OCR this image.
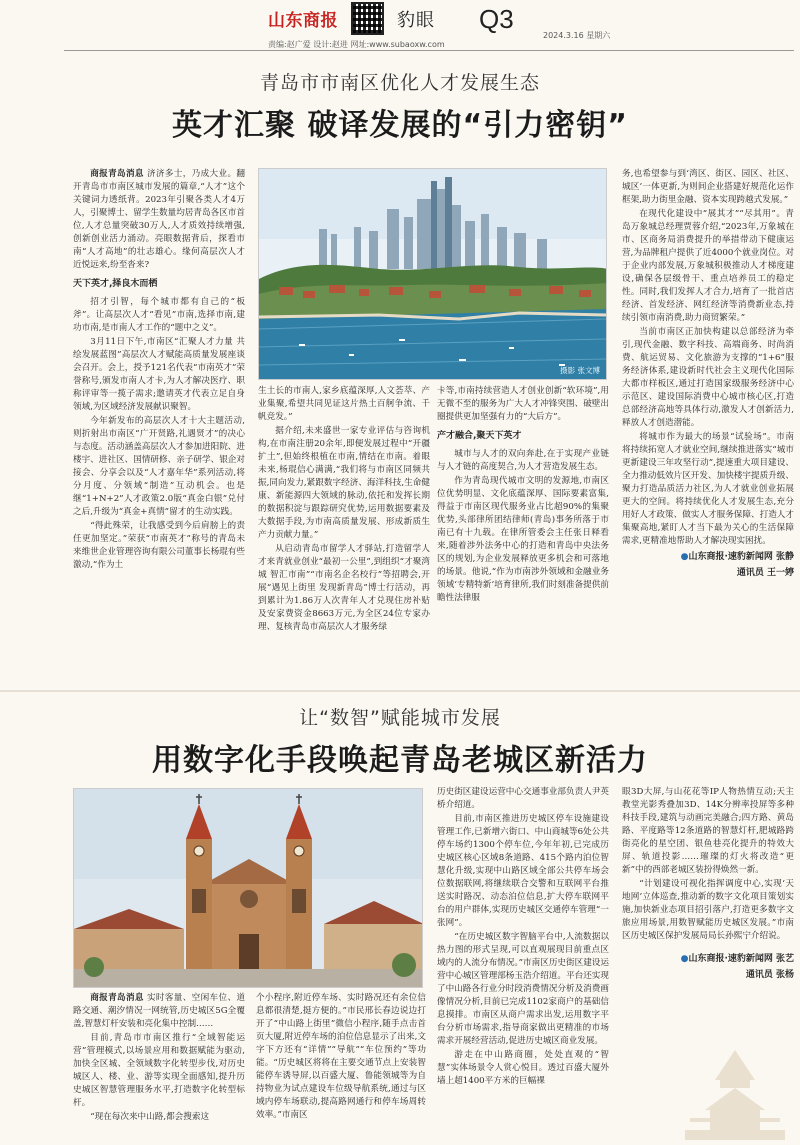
山东商报	豹眼 Q3
责编:赵广爱 设计:赵进 网址:www.subaoxw.com
2024.3.16 星期六
青岛市市南区优化人才发展生态
英才汇聚 破译发展的“引力密钥”

商报青岛消息 济济多士，乃成大业。翻开青岛市市南区城市发展的篇章,“人才”这个关键词力透纸背。2023年引聚各类人才4万人，引聚博士、留学生数量均居青岛各区市首位,人才总量突破30万人,人才质效持续增强,创新创业活力涌动。亮眼数据背后，探看市南“人才高地”的壮志雄心。缘何高层次人才近悦远来,纷至沓来?

天下英才,择良木而栖

招才引智，每个城市都有自己的“板斧”。让高层次人才“看见”市南,选择市南,建功市南,是市南人才工作的“题中之义”。

3月11日下午,市南区“汇聚人才力量 共绘发展蓝图”高层次人才赋能高质量发展座谈会召开。会上，授予121名代表“市南英才”荣誉称号,颁发市南人才卡,为人才解决医疗、职称评审等一揽子需求;邀请英才代表立足自身领域,为区域经济发展献识聚智。

今年新发布的高层次人才十大主题活动,则折射出市南区“广开贤路,礼遇贤才”的决心与态度。活动涵盖高层次人才参加进阳院、进楼宇、进社区、国情研修、亲子研学、银企对接会、分享会以及“人才嘉年华”系列活动,将分月度、分领域“制造”互动机会。也是继“1+N+2”人才政策2.0版“真金白银”兑付之后,升级为“真金+真情”留才的生动实践。

“得此殊荣，让我感受到今后肩膀上的责任更加坚定。”荣获“市南英才”称号的青岛未来维世企业管理咨询有限公司董事长杨琨有些激动,“作为土

摄影 张文博

生土长的市南人,家乡底蕴深厚,人文荟萃、产业集聚,希望共同见证这片热土百舸争流、千帆竞发。”

据介绍,未来盛世一家专业评估与咨询机构,在市南注册20余年,即便发展过程中“开疆扩土”,但始终根植在市南,情结在市南。着眼未来,杨琨信心满满,“我们将与市南区同频共振,同向发力,紧跟数字经济、海洋科技,生命健康、新能源四大领域的脉动,依托和发挥长期的数据积淀与跟踪研究优势,运用数据要素及大数据手段,为市南高质量发展、形成新质生产力贡献力量。”

从启动青岛市留学人才驿站,打造留学人才来青就业创业“最初一公里”,到组织“才聚湾城 智汇市南”“市南名企名校行”等招聘会,开展“遇见上街里 发现新青岛”博士行活动，再到累计为1.86万人次青年人才兑现住房补贴及安家费资金8663万元,为全区24位专家办理、复核青岛市高层次人才服务绿

卡等,市南持续营造人才创业创新“软环境”,用无微不至的服务为广大人才冲锋突围、破壁出圈提供更加坚强有力的“大后方”。

产才融合,聚天下英才

城市与人才的双向奔赴,在于实现产业链与人才链的高度契合,为人才营造发展生态。

作为青岛现代城市文明的发源地,市南区位优势明显、文化底蕴深厚、国际要素富集,得益于市南区现代服务业占比超90%的集聚优势,头部律所团结律师(青岛)事务所落于市南已有十九载。在律所管委会主任张日释看来,随着涉外法务中心的打造和青岛中央法务区的规划,为企业发展释放更多机会和可落地的场景。他说,“作为市南涉外领域和金融业务领域‘专精特新’培育律所,我们时刻准备提供前瞻性法律服

务,也希望参与到‘湾区、街区、园区、社区、城区’一体更新,为则间企业搭建好规范化运作框架,助力街里金融、资本实现跨越式发展。”

在现代化建设中“展其才”“尽其用”。青岛万象城总经理贾蓉介绍,“2023年,万象城在市、区商务局消费提升的举措带动下健康运营,为品牌租户提供了近4000个就业岗位。对于企业内部发展,万象城积极推动人才梯度建设,确保各层级骨干、重点培养员工的稳定性。同时,我们发挥人才合力,培育了一批首店经济、首发经济、网红经济等消费新业态,持续引领市南消费,助力商贸繁荣。”

当前市南区正加快构建以总部经济为牵引,现代金融、数字科技、高端商务、时尚消费、航运贸易、文化旅游为支撑的“1+6”服务经济体系,建设新时代社会主义现代化国际大都市样板区,通过打造国家级服务经济中心示范区、建设国际消费中心城市核心区,打造总部经济高地等具体行动,激发人才创新活力,释放人才创造潜能。

将城市作为最大的场景“试验场”。市南将持续拓宽人才就业空间,继续推进落实“城市更新建设三年攻坚行动”,提速重大项目建设、全力推动低效片区开发、加快楼宇提质升级、聚力打造品质活力社区,为人才就业创业拓展更大的空间。将持续优化人才发展生态,充分用好人才政策、做实人才服务保障、打造人才集聚高地,紧盯人才当下最为关心的生活保障需求,更精准地帮助人才解决现实困扰。

●山东商报·速豹新闻网 张静
通讯员 王一婷
让“数智”赋能城市发展
用数字化手段唤起青岛老城区新活力

商报青岛消息 实时客量、空闲车位、道路交通、潮汐情况一网统管,历史城区5G全覆盖,智慧灯杆安装和亮化集中控制……

目前,青岛市市南区推行“全域智能运营”管理模式,以场景应用和数据赋能为驱动,加快全区城、全领域数字化转型步伐,对历史城区人、楼、业、游等实现全面感知,提升历史城区智慧管理服务水平,打造数字化转型标杆。

“现在每次来中山路,都会搜索这

个小程序,附近停车场、实时路况还有余位信息都很清楚,挺方便的。”市民邢长春边说边打开了“中山路上街里”微信小程序,随手点击首页大厦,附近停车场的泊位信息显示了出来,文字下方还有“详情”“导航”“车位预约”等功能。“历史城区将将在主要交通节点上安装智能停车诱导屏,以百盛大厦、鲁能领城等为自持物业为试点建设车位级导航系统,通过与区域内停车场联动,提高路网通行和停车场周转效率。”市南区

历史街区建设运营中心交通事业部负责人尹英桥介绍道。

目前,市南区推进历史城区停车设施建设管理工作,已新增六街口、中山商城等6处公共停车场约1300个停车位,今年年初,已完成历史城区核心区域8条道路、415个路内泊位智慧化升级,实现中山路区域全部公共停车场会位数据联网,将继续联合交警和互联网平台推送实时路况、动态泊位信息,扩大停车联网平台的用户群体,实现历史城区交通停车管理“一张网”。

“在历史城区数字智脑平台中,人流数据以热力图的形式呈现,可以直观展现目前重点区域内的人流分布情况。”市南区历史街区建设运营中心城区管理部杨玉浩介绍道。平台还实现了中山路各行业分时段消费情况分析及消费画像情况分析,目前已完成1102家商户的基础信息摸排。市南区从商户需求出发,运用数字平台分析市场需求,指导商家做出更精准的市场需求开展经营活动,促进历史城区商业发展。

游走在中山路商圈，处处直观的“智慧”实体场景令人赏心悦目。透过百盛大厦外墙上超1400平方米的巨幅裸

眼3D大屏,与山花花等IP人物热情互动;天主教堂光影秀叠加3D、14K分辨率投屏等多种科技手段,建筑与动画完美融合;四方路、黄岛路、平度路等12条道路的智慧灯杆,肥城路跨街亮化的星空团、银鱼巷亮化提升的特效大屏、轨道投影……璀璨的灯火将改造“更新”中的西部老城区装扮得焕然一新。

“计划建设可视化指挥调度中心,实现‘天地网’立体巡查,推动新的数字文化项目策划实施,加快新业态项目招引落户,打造更多数字文旅应用场景,用数智赋能历史城区发展。”市南区历史城区保护发展局局长孙熙宁介绍说。

●山东商报·速豹新闻网 张艺
通讯员 张杨
